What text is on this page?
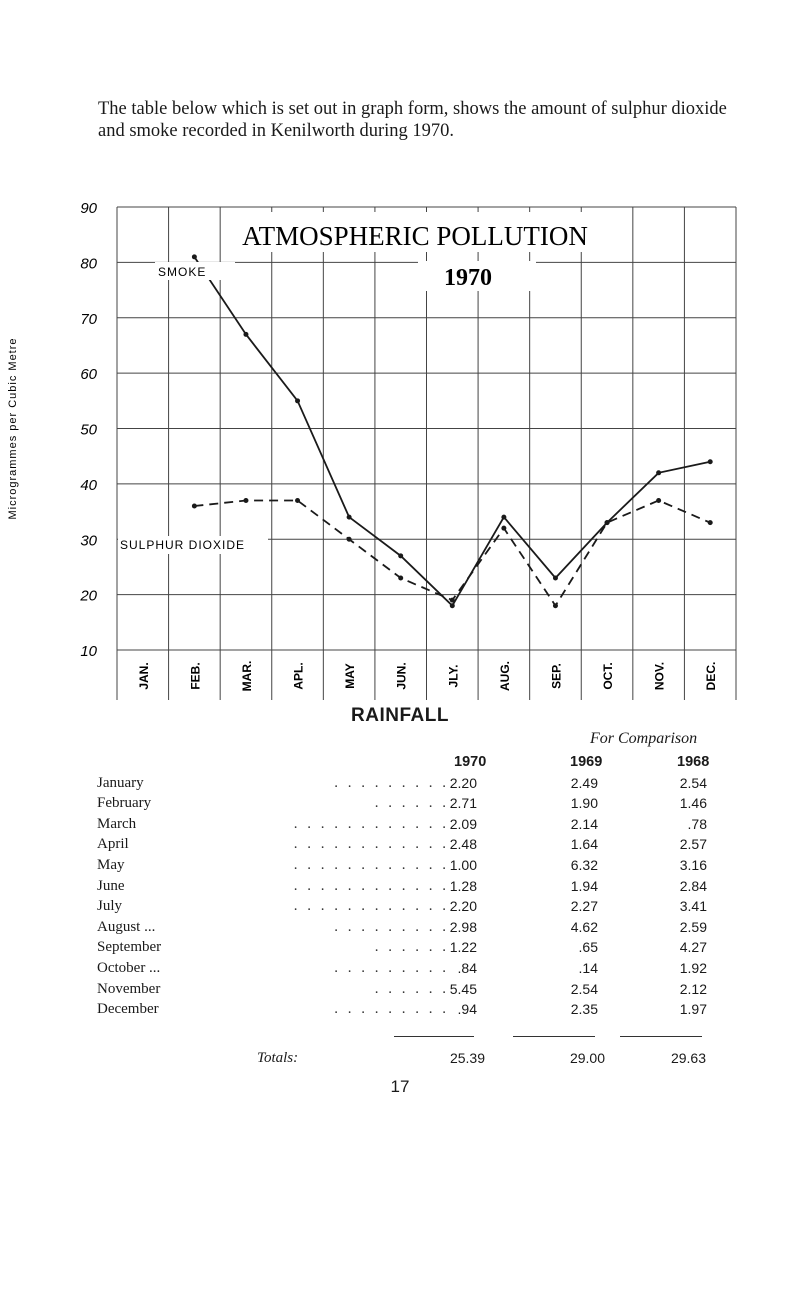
The table below which is set out in graph form, shows the amount of sulphur dioxide and smoke recorded in Kenilworth during 1970.

ATMOSPHERIC POLLUTION
1970
90
80
70
60
50
40
30
20
10
Microgrammes per Cubic Metre
JAN.	FEB.	MAR.	APL.	MAY	JUN.	JLY.	AUG.	SEP.	OCT.	NOV.	DEC.
SMOKE
SULPHUR DIOXIDE
RAINFALL
For Comparison
1970	1969	1968
January	. . . . . . . . . 2.20	2.49	2.54
February	. . . . . . 2.71	1.90	1.46
March	. . . . . . . . . . . . 2.09	2.14	.78
April	. . . . . . . . . . . . 2.48	1.64	2.57
May	. . . . . . . . . . . . 1.00	6.32	3.16
June	. . . . . . . . . . . . 1.28	1.94	2.84
July	. . . . . . . . . . . . 2.20	2.27	3.41
August ...	. . . . . . . . . 2.98	4.62	2.59
September	. . . . . . 1.22	.65	4.27
October ...	. . . . . . . . . .84	.14	1.92
November	. . . . . . 5.45	2.54	2.12
December	. . . . . . . . . .94	2.35	1.97
Totals:	25.39	29.00	29.63
17
